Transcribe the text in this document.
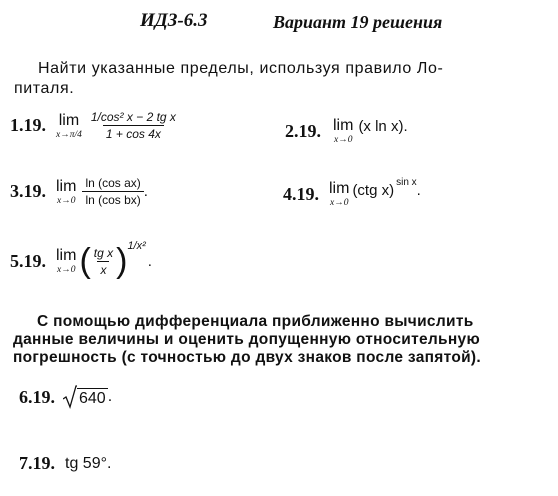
ИДЗ-6.3	Вариант 19 решения
Найти указанные пределы, используя правило Ло-
питаля.
1.19. lim
$x\to\pi/4 \frac{\text{1/cos² x − 2 tg x}}{1 + \cos 4x}$	2.19. lim
x→0
(x ln x).
3.19. lim
$x\to 0 \frac{\text{ln (cos ax)}}{\text{ln (cos bx)}}$ .	4.19. lim
x→0
(ctg x) sin x .
5.19. lim
x→0 ( $\frac{\text{tg x}}{x}$ ) 1/x²
.
С помощью дифференциала приближенно вычислить
данные величины и оценить допущенную относительную
погрешность (с точностью до двух знаков после запятой).
6.19. 640 .
7.19. tg 59°.
